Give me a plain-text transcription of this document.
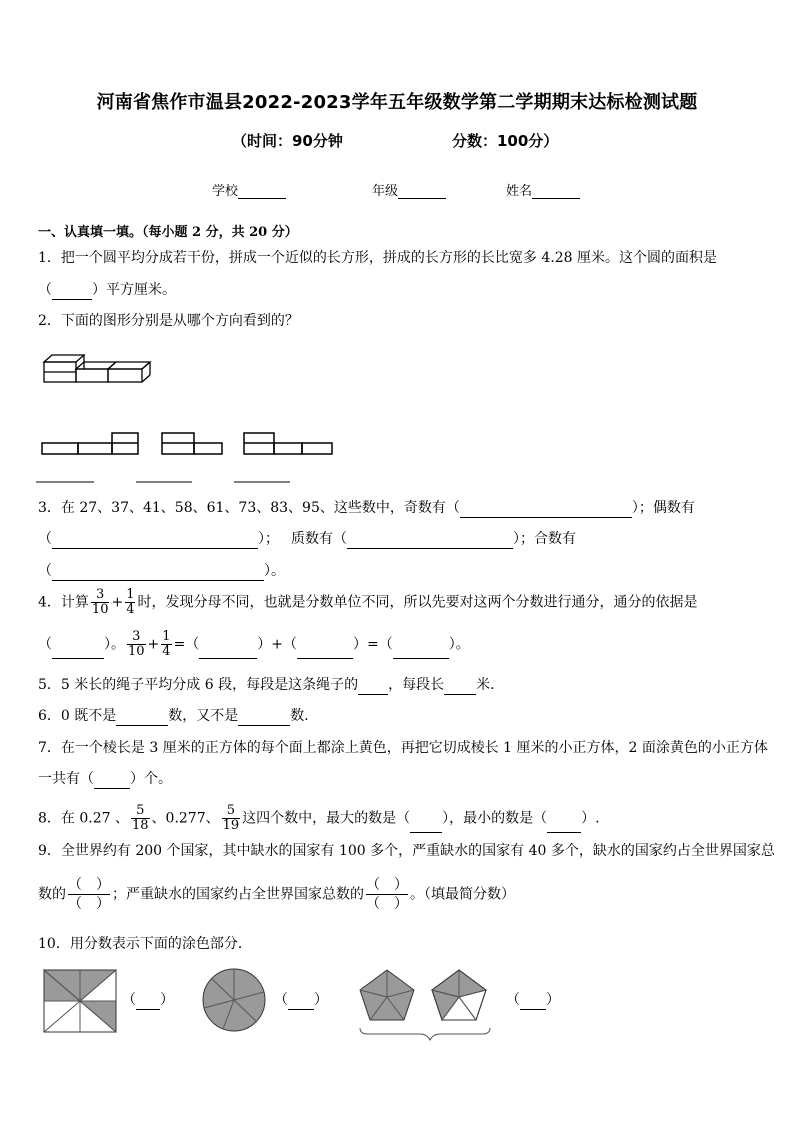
河南省焦作市温县2022-2023学年五年级数学第二学期期末达标检测试题
（时间：90分钟	分数：100分）
学校	年级	姓名
一、认真填一填。（每小题 2 分，共 20 分）
1．把一个圆平均分成若干份，拼成一个近似的长方形，拼成的长方形的长比宽多 4.28 厘米。这个圆的面积是
（	）平方厘米。
2．下面的图形分别是从哪个方向看到的？
3．在 27、37、41、58、61、73、83、95、这些数中，奇数有（	）；偶数有
（	）； 质数有（	）；合数有
（	）。
4．计算 $\frac{3}{10} + \frac{1}{4}$ 时，发现分母不同，也就是分数单位不同，所以先要对这两个分数进行通分，通分的依据是
（	）。 $\frac{3}{10} + \frac{1}{4}$ =（	）+（	）=（	）。
5．5 米长的绳子平均分成 6 段，每段是这条绳子的 ，每段长 米．
6．0 既不是	数，又不是	数．
7．在一个棱长是 3 厘米的正方体的每个面上都涂上黄色，再把它切成棱长 1 厘米的小正方体，2 面涂黄色的小正方体
一共有（	）个。
8．在 0.27 、 $\frac{5}{18}$ 、0.277、 $\frac{5}{19}$ 这四个数中，最大的数是（ ），最小的数是（ ）.
9．全世界约有 200 个国家，其中缺水的国家有 100 多个，严重缺水的国家有 40 多个，缺水的国家约占全世界国家总
数的
（ ）
（ ）
；严重缺水的国家约占全世界国家总数的
（ ）
（ ）
。（填最简分数）
10．用分数表示下面的涂色部分．
（ ）	（ ）	（ ）
